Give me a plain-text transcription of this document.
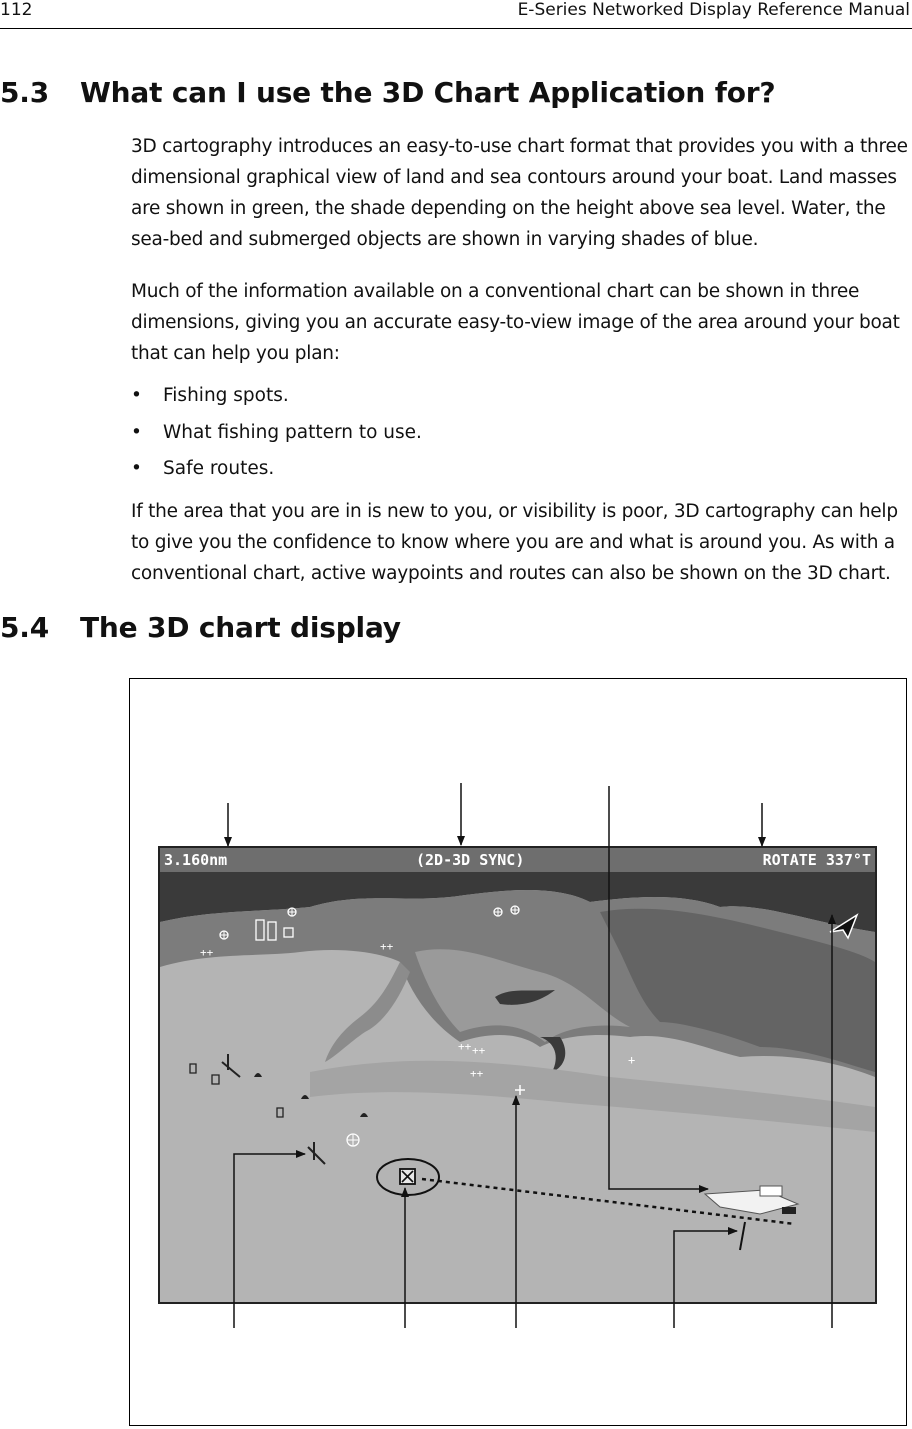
112	E-Series Networked Display Reference Manual
5.3 What can I use the 3D Chart Application for?

3D cartography introduces an easy-to-use chart format that provides you with a three dimensional graphical view of land and sea contours around your boat. Land masses are shown in green, the shade depending on the height above sea level. Water, the sea-bed and submerged objects are shown in varying shades of blue.

Much of the information available on a conventional chart can be shown in three dimensions, giving you an accurate easy-to-view image of the area around your boat that can help you plan:

• Fishing spots.

• What fishing pattern to use.

• Safe routes.

If the area that you are in is new to you, or visibility is poor, 3D cartography can help to give you the confidence to know where you are and what is around you. As with a conventional chart, active waypoints and routes can also be shown on the 3D chart.

5.4 The 3D chart display
3.160nm	(2D-3D SYNC)	ROTATE 337°T
++ ++
++
++	++
+
